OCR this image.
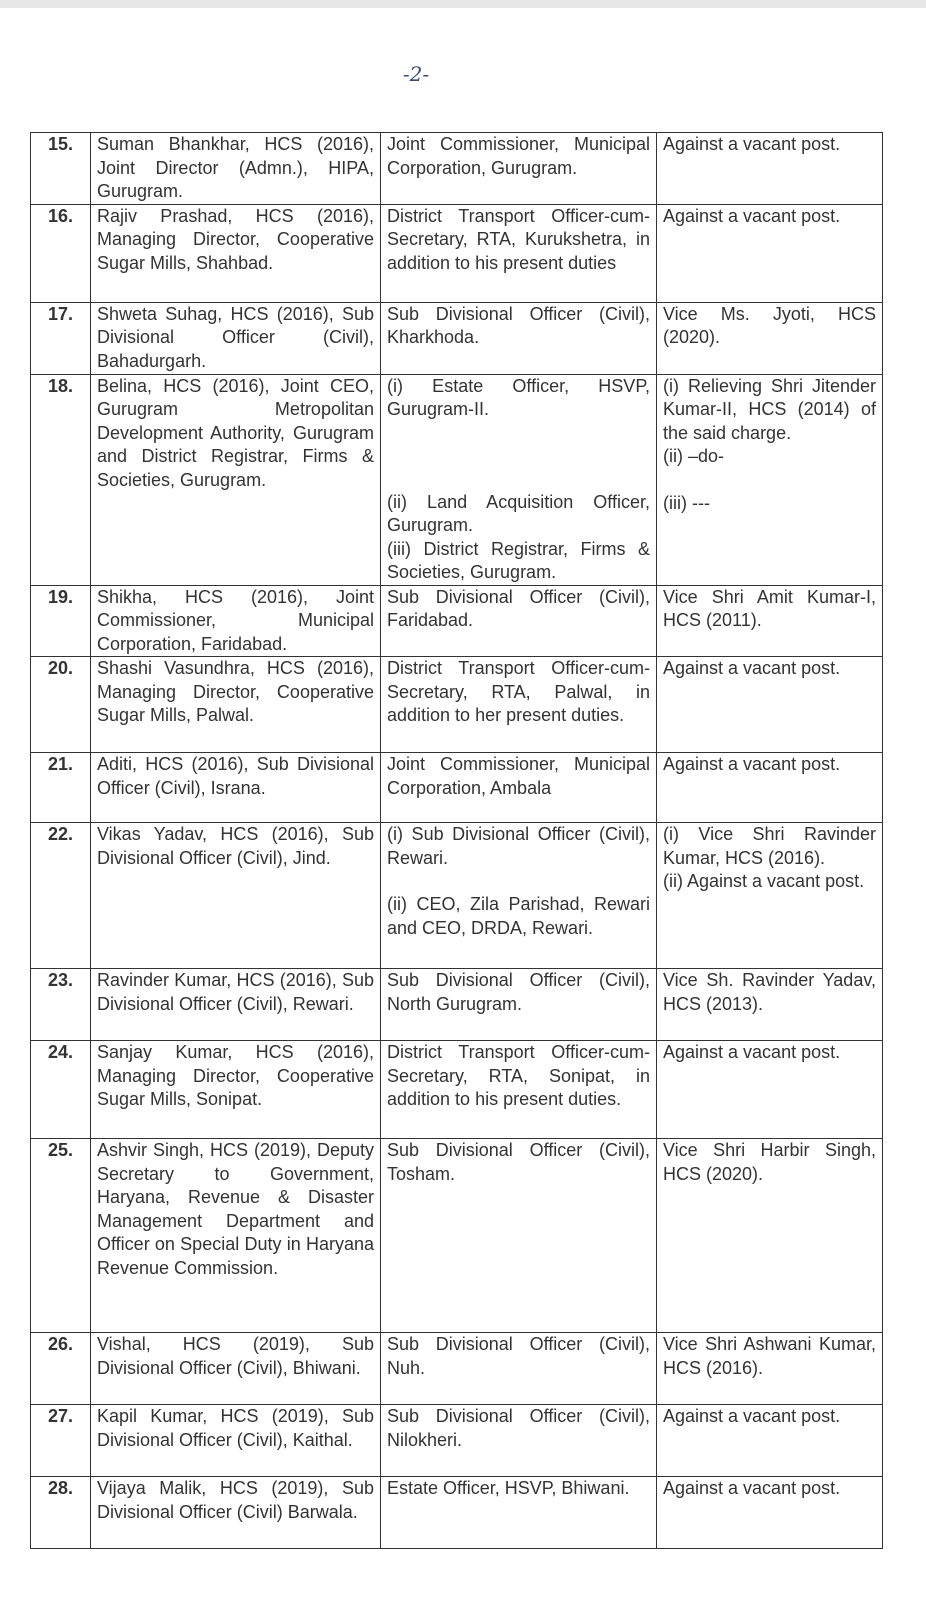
-2-
15.	Suman Bhankhar, HCS (2016), Joint Director (Admn.), HIPA, Gurugram.	Joint Commissioner, Municipal Corporation, Gurugram.	Against a vacant post.
16.	Rajiv Prashad, HCS (2016), Managing Director, Cooperative Sugar Mills, Shahbad.	District Transport Officer-cum-Secretary, RTA, Kurukshetra, in addition to his present duties	Against a vacant post.
17.	Shweta Suhag, HCS (2016), Sub Divisional Officer (Civil), Bahadurgarh.	Sub Divisional Officer (Civil), Kharkhoda.	Vice Ms. Jyoti, HCS (2020).
18.	Belina, HCS (2016), Joint CEO, Gurugram Metropolitan Development Authority, Gurugram and District Registrar, Firms & Societies, Gurugram.	(i) Estate Officer, HSVP, Gurugram-II.
(ii) Land Acquisition Officer, Gurugram.
(iii) District Registrar, Firms & Societies, Gurugram.	(i) Relieving Shri Jitender Kumar-II, HCS (2014) of the said charge.
(ii) –do-
(iii) ---

19.	Shikha, HCS (2016), Joint Commissioner, Municipal Corporation, Faridabad.	Sub Divisional Officer (Civil), Faridabad.	Vice Shri Amit Kumar-I, HCS (2011).
20.	Shashi Vasundhra, HCS (2016), Managing Director, Cooperative Sugar Mills, Palwal.	District Transport Officer-cum-Secretary, RTA, Palwal, in addition to her present duties.	Against a vacant post.
21.	Aditi, HCS (2016), Sub Divisional Officer (Civil), Israna.	Joint Commissioner, Municipal Corporation, Ambala	Against a vacant post.
22.	Vikas Yadav, HCS (2016), Sub Divisional Officer (Civil), Jind.	(i) Sub Divisional Officer (Civil), Rewari.
(ii) CEO, Zila Parishad, Rewari and CEO, DRDA, Rewari.	(i) Vice Shri Ravinder Kumar, HCS (2016).
(ii) Against a vacant post.

23.	Ravinder Kumar, HCS (2016), Sub Divisional Officer (Civil), Rewari.	Sub Divisional Officer (Civil), North Gurugram.	Vice Sh. Ravinder Yadav, HCS (2013).
24.	Sanjay Kumar, HCS (2016), Managing Director, Cooperative Sugar Mills, Sonipat.	District Transport Officer-cum-Secretary, RTA, Sonipat, in addition to his present duties.	Against a vacant post.
25.	Ashvir Singh, HCS (2019), Deputy Secretary to Government, Haryana, Revenue & Disaster Management Department and Officer on Special Duty in Haryana Revenue Commission.	Sub Divisional Officer (Civil), Tosham.	Vice Shri Harbir Singh, HCS (2020).
26.	Vishal, HCS (2019), Sub Divisional Officer (Civil), Bhiwani.	Sub Divisional Officer (Civil), Nuh.	Vice Shri Ashwani Kumar, HCS (2016).
27.	Kapil Kumar, HCS (2019), Sub Divisional Officer (Civil), Kaithal.	Sub Divisional Officer (Civil), Nilokheri.	Against a vacant post.
28.	Vijaya Malik, HCS (2019), Sub Divisional Officer (Civil) Barwala.	Estate Officer, HSVP, Bhiwani.	Against a vacant post.
